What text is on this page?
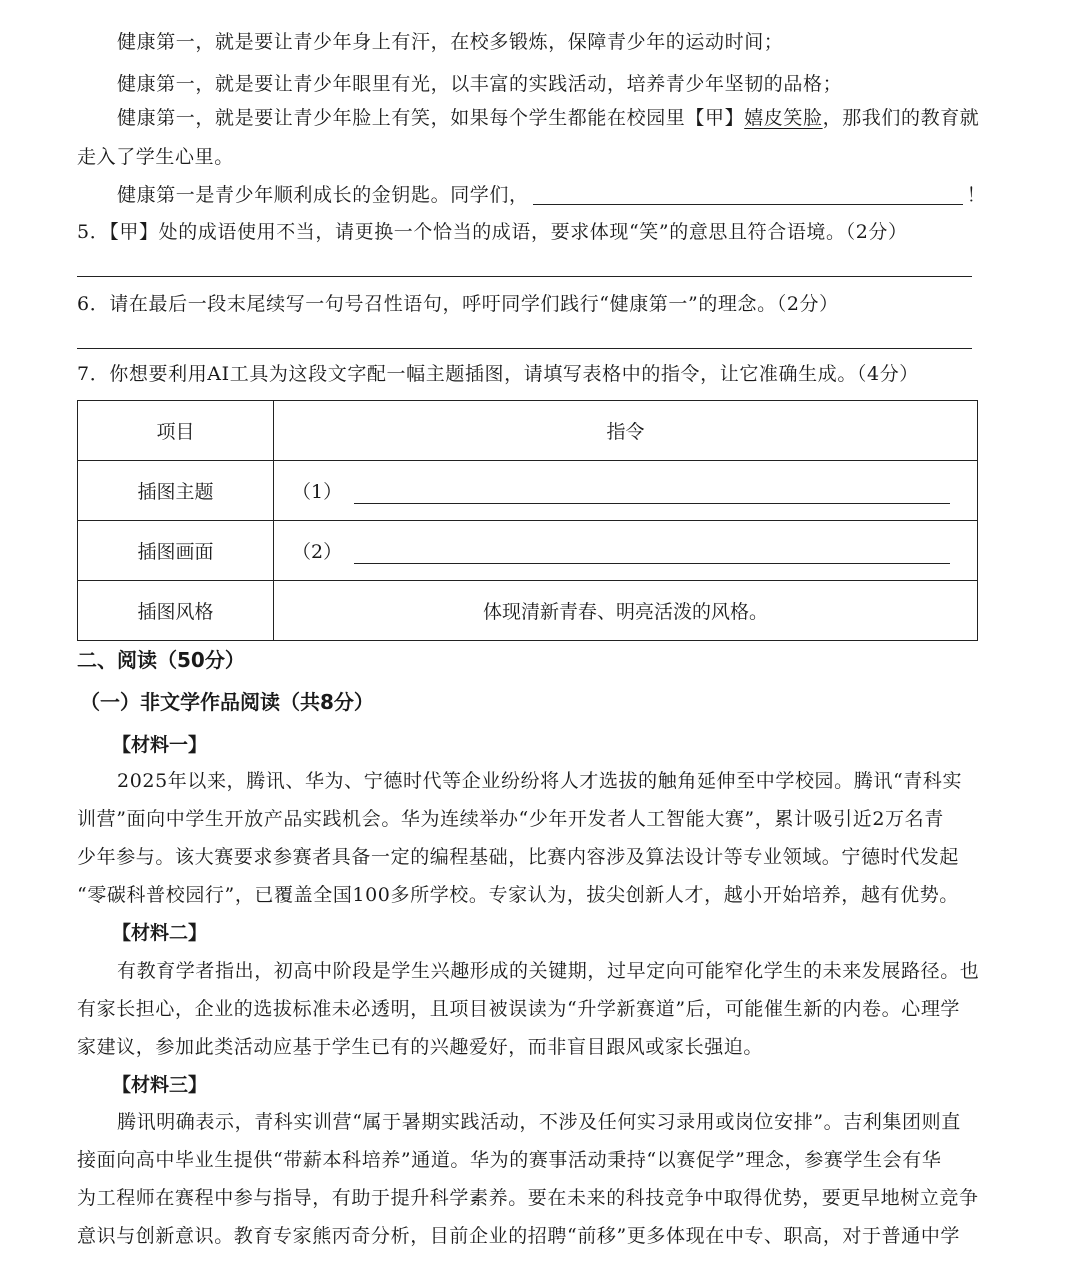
健康第一，就是要让青少年身上有汗，在校多锻炼，保障青少年的运动时间；
健康第一，就是要让青少年眼里有光，以丰富的实践活动，培养青少年坚韧的品格；
健康第一，就是要让青少年脸上有笑，如果每个学生都能在校园里【甲】嬉皮笑脸，那我们的教育就
走入了学生心里。
健康第一是青少年顺利成长的金钥匙。同学们，	！
5．【甲】处的成语使用不当，请更换一个恰当的成语，要求体现“笑”的意思且符合语境。（2分）
6．请在最后一段末尾续写一句号召性语句，呼吁同学们践行“健康第一”的理念。（2分）
7．你想要利用AI工具为这段文字配一幅主题插图，请填写表格中的指令，让它准确生成。（4分）
项目	指令
插图主题	（1）
插图画面	（2）
插图风格	体现清新青春、明亮活泼的风格。
二、阅读（50分）
（一）非文学作品阅读（共8分）
【材料一】
2025年以来，腾讯、华为、宁德时代等企业纷纷将人才选拔的触角延伸至中学校园。腾讯“青科实
训营”面向中学生开放产品实践机会。华为连续举办“少年开发者人工智能大赛”，累计吸引近2万名青
少年参与。该大赛要求参赛者具备一定的编程基础，比赛内容涉及算法设计等专业领域。宁德时代发起
“零碳科普校园行”，已覆盖全国100多所学校。专家认为，拔尖创新人才，越小开始培养，越有优势。
【材料二】
有教育学者指出，初高中阶段是学生兴趣形成的关键期，过早定向可能窄化学生的未来发展路径。也
有家长担心，企业的选拔标准未必透明，且项目被误读为“升学新赛道”后，可能催生新的内卷。心理学
家建议，参加此类活动应基于学生已有的兴趣爱好，而非盲目跟风或家长强迫。
【材料三】
腾讯明确表示，青科实训营“属于暑期实践活动，不涉及任何实习录用或岗位安排”。吉利集团则直
接面向高中毕业生提供“带薪本科培养”通道。华为的赛事活动秉持“以赛促学”理念，参赛学生会有华
为工程师在赛程中参与指导，有助于提升科学素养。要在未来的科技竞争中取得优势，要更早地树立竞争
意识与创新意识。教育专家熊丙奇分析，目前企业的招聘“前移”更多体现在中专、职高，对于普通中学
